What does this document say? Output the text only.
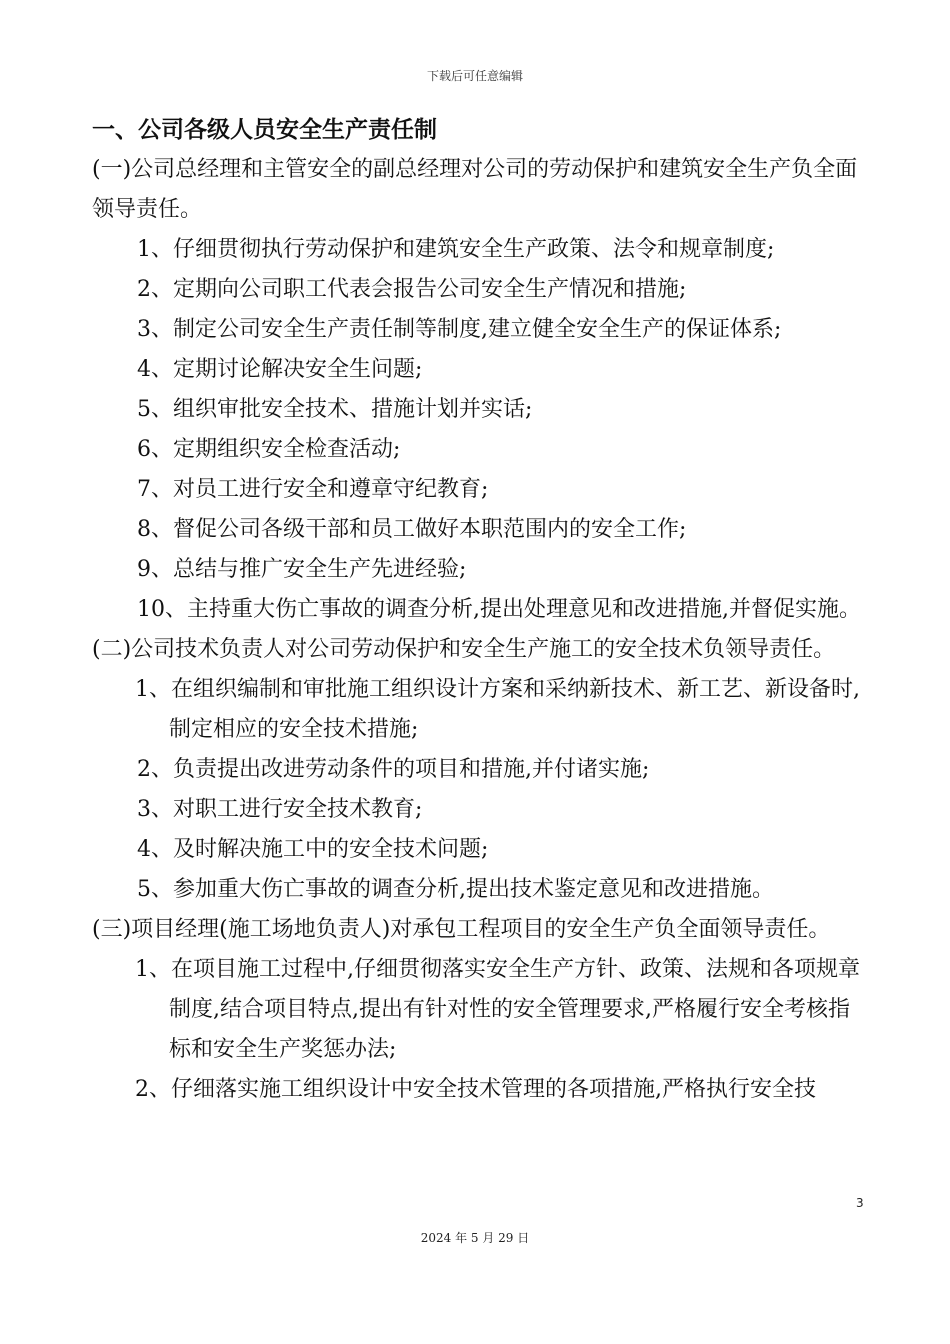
下载后可任意编辑

一、公司各级人员安全生产责任制

(一)公司总经理和主管安全的副总经理对公司的劳动保护和建筑安全生产负全面领导责任。

1、仔细贯彻执行劳动保护和建筑安全生产政策、法令和规章制度;

2、定期向公司职工代表会报告公司安全生产情况和措施;

3、制定公司安全生产责任制等制度,建立健全安全生产的保证体系;

4、定期讨论解决安全生问题;

5、组织审批安全技术、措施计划并实话;

6、定期组织安全检查活动;

7、对员工进行安全和遵章守纪教育;

8、督促公司各级干部和员工做好本职范围内的安全工作;

9、总结与推广安全生产先进经验;

10、主持重大伤亡事故的调查分析,提出处理意见和改进措施,并督促实施。

(二)公司技术负责人对公司劳动保护和安全生产施工的安全技术负领导责任。

1、在组织编制和审批施工组织设计方案和采纳新技术、新工艺、新设备时,制定相应的安全技术措施;

2、负责提出改进劳动条件的项目和措施,并付诸实施;

3、对职工进行安全技术教育;

4、及时解决施工中的安全技术问题;

5、参加重大伤亡事故的调查分析,提出技术鉴定意见和改进措施。

(三)项目经理(施工场地负责人)对承包工程项目的安全生产负全面领导责任。

1、在项目施工过程中,仔细贯彻落实安全生产方针、政策、法规和各项规章制度,结合项目特点,提出有针对性的安全管理要求,严格履行安全考核指标和安全生产奖惩办法;

2、仔细落实施工组织设计中安全技术管理的各项措施,严格执行安全技

3
2024 年 5 月 29 日
